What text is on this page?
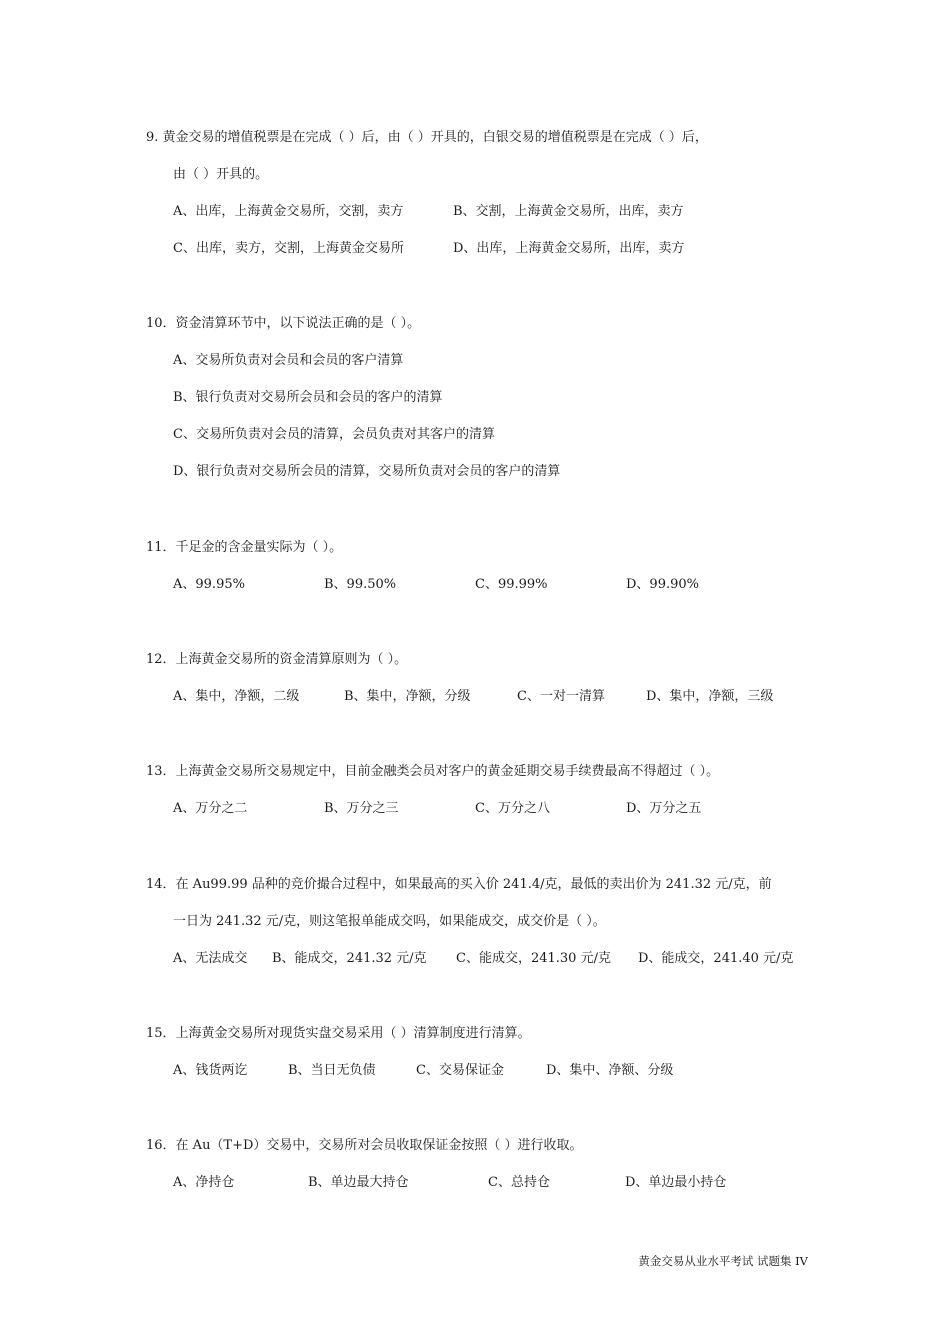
9. 黄金交易的增值税票是在完成（ ）后，由（ ）开具的，白银交易的增值税票是在完成（ ）后，
由（ ）开具的。
A、出库，上海黄金交易所，交割，卖方	B、交割，上海黄金交易所，出库，卖方
C、出库，卖方，交割，上海黄金交易所	D、出库，上海黄金交易所，出库，卖方
10．资金清算环节中，以下说法正确的是（ ）。
A、交易所负责对会员和会员的客户清算
B、银行负责对交易所会员和会员的客户的清算
C、交易所负责对会员的清算，会员负责对其客户的清算
D、银行负责对交易所会员的清算，交易所负责对会员的客户的清算
11．千足金的含金量实际为（ ）。
A、99.95%	B、99.50%	C、99.99%	D、99.90%
12．上海黄金交易所的资金清算原则为（ ）。
A、集中，净额，二级	B、集中，净额，分级	C、一对一清算	D、集中，净额，三级
13．上海黄金交易所交易规定中，目前金融类会员对客户的黄金延期交易手续费最高不得超过（ ）。
A、万分之二	B、万分之三	C、万分之八	D、万分之五
14．在 Au99.99 品种的竞价撮合过程中，如果最高的买入价 241.4/克，最低的卖出价为 241.32 元/克，前
一日为 241.32 元/克，则这笔报单能成交吗，如果能成交，成交价是（ ）。
A、无法成交 B、能成交，241.32 元/克 C、能成交，241.30 元/克 D、能成交，241.40 元/克
15．上海黄金交易所对现货实盘交易采用（ ）清算制度进行清算。
A、钱货两讫	B、当日无负债	C、交易保证金	D、集中、净额、分级
16．在 Au（T+D）交易中，交易所对会员收取保证金按照（ ）进行收取。
A、净持仓	B、单边最大持仓	C、总持仓	D、单边最小持仓
黄金交易从业水平考试 试题集 IV
